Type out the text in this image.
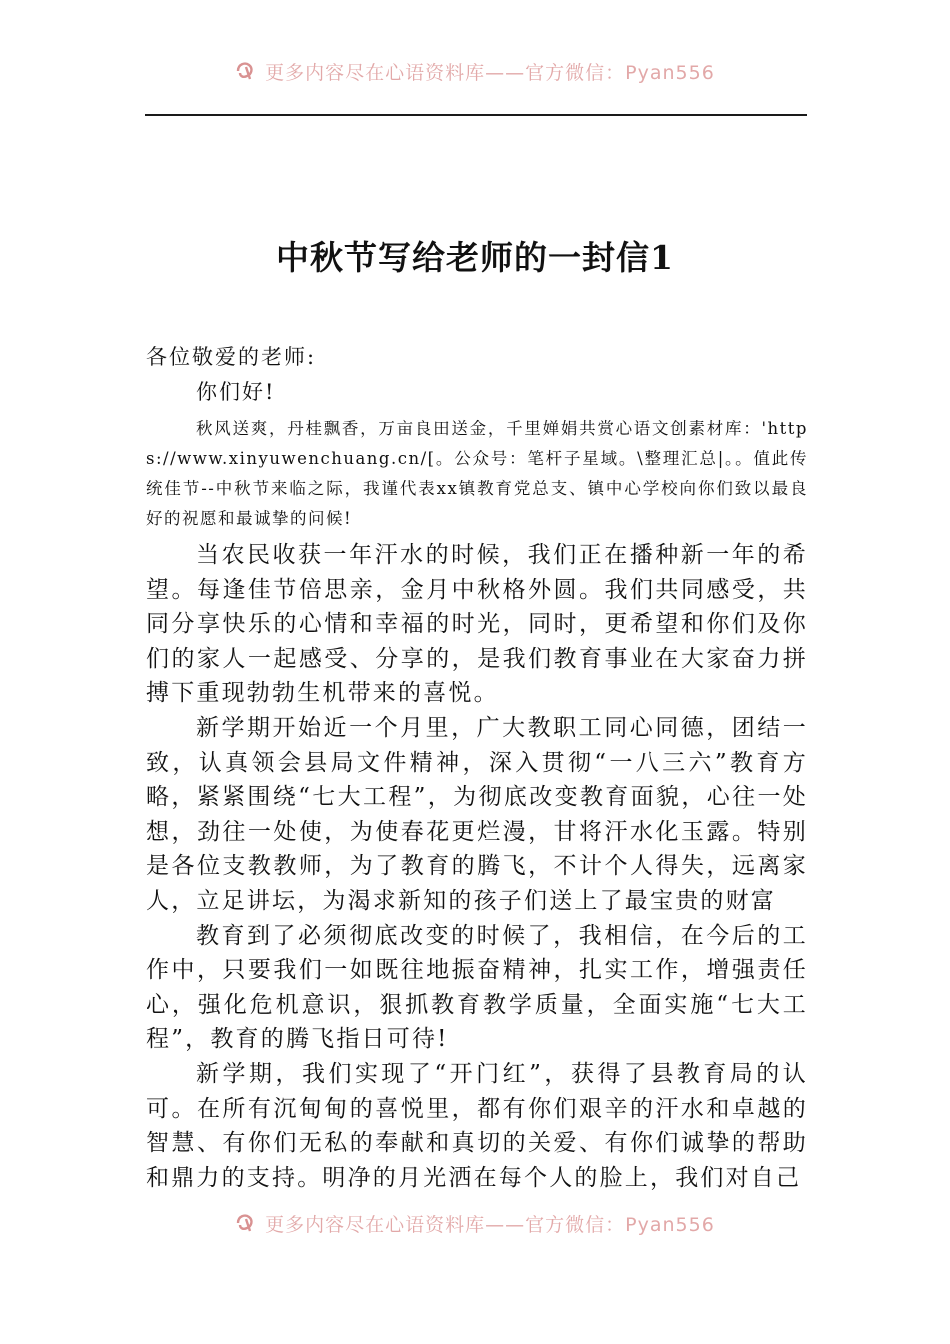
更多内容尽在心语资料库——官方微信：Pyan556
中秋节写给老师的一封信1

各位敬爱的老师:

你们好!

秋风送爽，丹桂飘香，万亩良田送金，千里婵娟共赏心语文创素材库：'https://www.xinyuwenchuang.cn/[。公众号：笔杆子星域。\整理汇总|。。值此传统佳节--中秋节来临之际，我谨代表xx镇教育党总支、镇中心学校向你们致以最良好的祝愿和最诚挚的问候!

当农民收获一年汗水的时候，我们正在播种新一年的希望。每逢佳节倍思亲，金月中秋格外圆。我们共同感受，共同分享快乐的心情和幸福的时光，同时，更希望和你们及你们的家人一起感受、分享的，是我们教育事业在大家奋力拼搏下重现勃勃生机带来的喜悦。

新学期开始近一个月里，广大教职工同心同德，团结一致，认真领会县局文件精神，深入贯彻“一八三六”教育方略，紧紧围绕“七大工程”，为彻底改变教育面貌，心往一处想，劲往一处使，为使春花更烂漫，甘将汗水化玉露。特别是各位支教教师，为了教育的腾飞，不计个人得失，远离家人，立足讲坛，为渴求新知的孩子们送上了最宝贵的财富

教育到了必须彻底改变的时候了，我相信，在今后的工作中，只要我们一如既往地振奋精神，扎实工作，增强责任心，强化危机意识，狠抓教育教学质量，全面实施“七大工程”，教育的腾飞指日可待!

新学期，我们实现了“开门红”，获得了县教育局的认可。在所有沉甸甸的喜悦里，都有你们艰辛的汗水和卓越的智慧、有你们无私的奉献和真切的关爱、有你们诚挚的帮助和鼎力的支持。明净的月光洒在每个人的脸上，我们对自己

更多内容尽在心语资料库——官方微信：Pyan556
